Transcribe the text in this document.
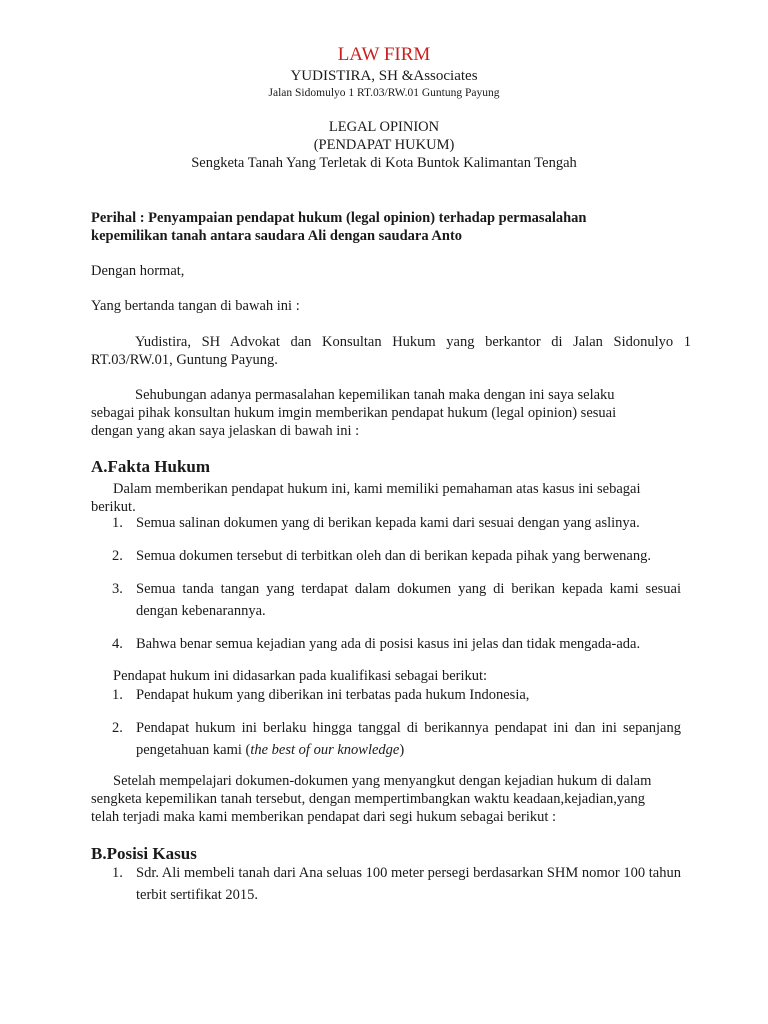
LAW FIRM
YUDISTIRA, SH &Associates
Jalan Sidomulyo 1 RT.03/RW.01 Guntung Payung
LEGAL OPINION
(PENDAPAT HUKUM)
Sengketa Tanah Yang Terletak di Kota Buntok Kalimantan Tengah
Perihal : Penyampaian pendapat hukum (legal opinion) terhadap permasalahan
kepemilikan tanah antara saudara Ali dengan saudara Anto
Dengan hormat,
Yang bertanda tangan di bawah ini :
Yudistira, SH Advokat dan Konsultan Hukum yang berkantor di Jalan Sidonulyo 1
RT.03/RW.01, Guntung Payung.
Sehubungan adanya permasalahan kepemilikan tanah maka dengan ini saya selaku
sebagai pihak konsultan hukum imgin memberikan pendapat hukum (legal opinion) sesuai
dengan yang akan saya jelaskan di bawah ini :
A.Fakta Hukum
Dalam memberikan pendapat hukum ini, kami memiliki pemahaman atas kasus ini sebagai
berikut.
1. Semua salinan dokumen yang di berikan kepada kami dari sesuai dengan yang aslinya.
2. Semua dokumen tersebut di terbitkan oleh dan di berikan kepada pihak yang berwenang.
3. Semua tanda tangan yang terdapat dalam dokumen yang di berikan kepada kami sesuai dengan kebenarannya.
4. Bahwa benar semua kejadian yang ada di posisi kasus ini jelas dan tidak mengada-ada.
Pendapat hukum ini didasarkan pada kualifikasi sebagai berikut:
1. Pendapat hukum yang diberikan ini terbatas pada hukum Indonesia,
2. Pendapat hukum ini berlaku hingga tanggal di berikannya pendapat ini dan ini sepanjang pengetahuan kami (the best of our knowledge)
Setelah mempelajari dokumen-dokumen yang menyangkut dengan kejadian hukum di dalam
sengketa kepemilikan tanah tersebut, dengan mempertimbangkan waktu keadaan,kejadian,yang
telah terjadi maka kami memberikan pendapat dari segi hukum sebagai berikut :
B.Posisi Kasus
1. Sdr. Ali membeli tanah dari Ana seluas 100 meter persegi berdasarkan SHM nomor 100 tahun terbit sertifikat 2015.
